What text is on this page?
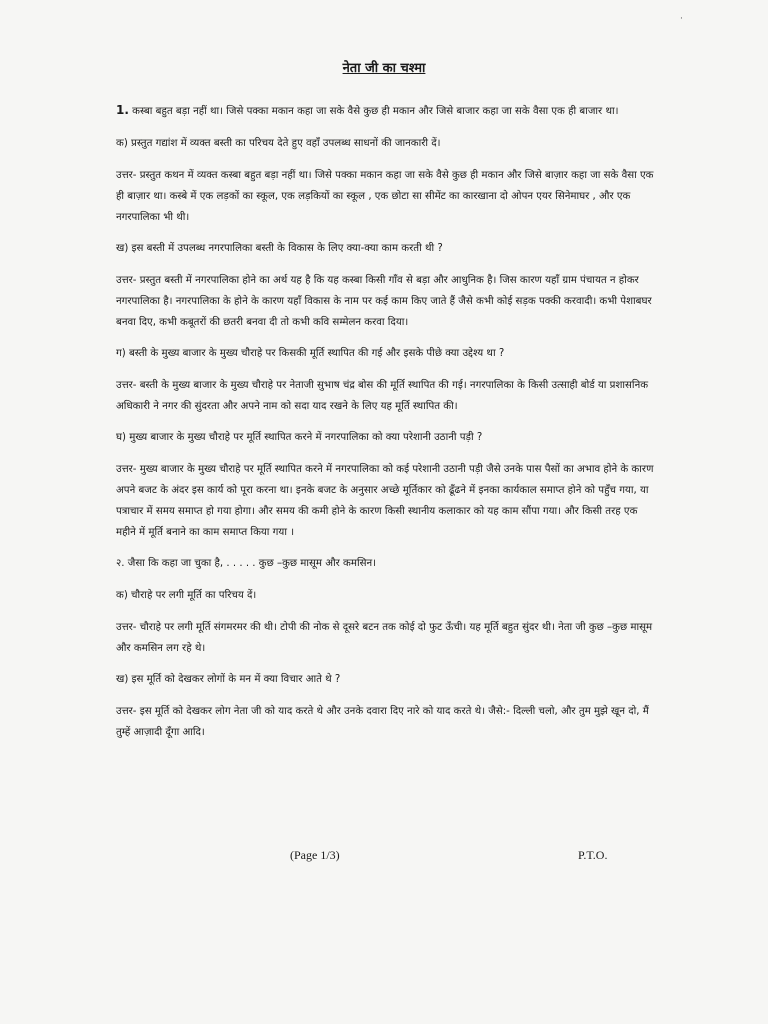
·
नेता जी का चश्मा

1. कस्बा बहुत बड़ा नहीं था। जिसे पक्का मकान कहा जा सके वैसे कुछ ही मकान और जिसे बाजार कहा जा सके वैसा एक ही बाजार था।

क) प्रस्तुत गद्यांश में व्यक्त बस्ती का परिचय देते हुए वहाँ उपलब्ध साधनों की जानकारी दें।

उत्तर- प्रस्तुत कथन में व्यक्त कस्बा बहुत बड़ा नहीं था। जिसे पक्का मकान कहा जा सके वैसे कुछ ही मकान और जिसे बाज़ार कहा जा सके वैसा एक ही बाज़ार था। कस्बे में एक लड़कों का स्कूल, एक लड़कियों का स्कूल , एक छोटा सा सीमेंट का कारखाना दो ओपन एयर सिनेमाघर , और एक नगरपालिका भी थी।

ख) इस बस्ती में उपलब्ध नगरपालिका बस्ती के विकास के लिए क्या-क्या काम करती थी ?

उत्तर- प्रस्तुत बस्ती में नगरपालिका होने का अर्थ यह है कि यह कस्बा किसी गाँव से बड़ा और आधुनिक है। जिस कारण यहाँ ग्राम पंचायत न होकर नगरपालिका है। नगरपालिका के होने के कारण यहाँ विकास के नाम पर कई काम किए जाते हैं जैसे कभी कोई सड़क पक्की करवादी। कभी पेशाबघर बनवा दिए, कभी कबूतरों की छतरी बनवा दी तो कभी कवि सम्मेलन करवा दिया।

ग) बस्ती के मुख्य बाजार के मुख्य चौराहे पर किसकी मूर्ति स्थापित की गई और इसके पीछे क्या उद्देश्य था ?

उत्तर- बस्ती के मुख्य बाजार के मुख्य चौराहे पर नेताजी सुभाष चंद्र बोस की मूर्ति स्थापित की गई। नगरपालिका के किसी उत्साही बोर्ड या प्रशासनिक अधिकारी ने नगर की सुंदरता और अपने नाम को सदा याद रखने के लिए यह मूर्ति स्थापित की।

घ) मुख्य बाजार के मुख्य चौराहे पर मूर्ति स्थापित करने में नगरपालिका को क्या परेशानी उठानी पड़ी ?

उत्तर- मुख्य बाजार के मुख्य चौराहे पर मूर्ति स्थापित करने में नगरपालिका को कई परेशानी उठानी पड़ी जैसे उनके पास पैसों का अभाव होने के कारण अपने बजट के अंदर इस कार्य को पूरा करना था। इनके बजट के अनुसार अच्छे मूर्तिकार को ढूँढने में इनका कार्यकाल समाप्त होने को पहुँच गया, या पत्राचार में समय समाप्त हो गया होगा। और समय की कमी होने के कारण किसी स्थानीय कलाकार को यह काम सौंपा गया। और किसी तरह एक महीने में मूर्ति बनाने का काम समाप्त किया गया ।

२. जैसा कि कहा जा चुका है, . . . . . कुछ –कुछ मासूम और कमसिन।

क) चौराहे पर लगी मूर्ति का परिचय दें।

उत्तर- चौराहे पर लगी मूर्ति संगमरमर की थी। टोपी की नोक से दूसरे बटन तक कोई दो फुट ऊँची। यह मूर्ति बहुत सुंदर थी। नेता जी कुछ –कुछ मासूम और कमसिन लग रहे थे।

ख) इस मूर्ति को देखकर लोगों के मन में क्या विचार आते थे ?

उत्तर- इस मूर्ति को देखकर लोग नेता जी को याद करते थे और उनके दवारा दिए नारे को याद करते थे। जैसे:- दिल्ली चलो, और तुम मुझे खून दो, मैं तुम्हें आज़ादी दूँगा आदि।

(Page 1/3)	P.T.O.
